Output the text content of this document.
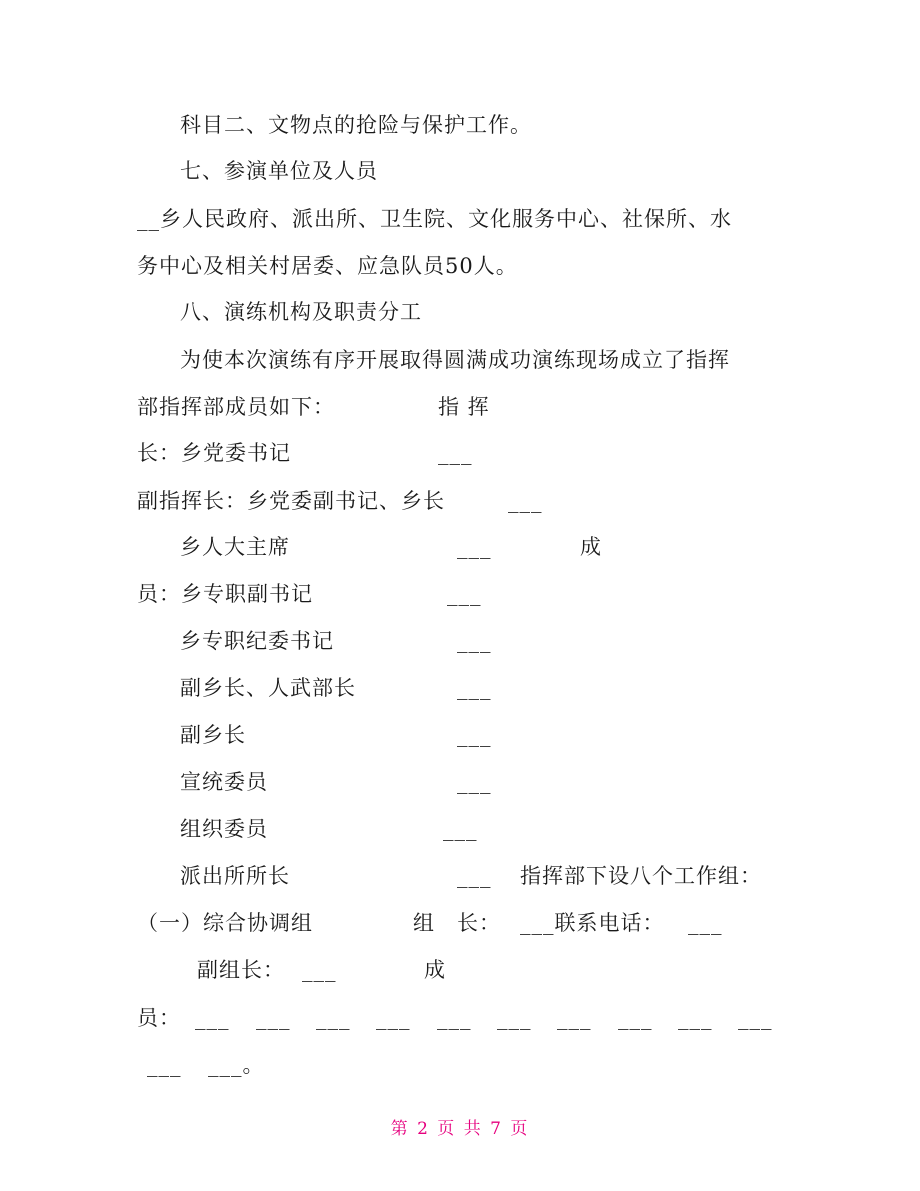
科目二、文物点的抢险与保护工作。
七、参演单位及人员
__乡人民政府、派出所、卫生院、文化服务中心、社保所、水
务中心及相关村居委、应急队员50人。
八、演练机构及职责分工
为使本次演练有序开展取得圆满成功演练现场成立了指挥
部指挥部成员如下：	指 挥
长：乡党委书记	___
副指挥长：乡党委副书记、乡长	___
乡人大主席	___	成
员：乡专职副书记	___
乡专职纪委书记	___
副乡长、人武部长	___
副乡长	___
宣统委员	___
组织委员	___
派出所所长	___ 指挥部下设八个工作组：
（一）综合协调组	组　长： ___联系电话： ___
副组长： ___	成
员： ___ ___ ___ ___ ___ ___ ___ ___ ___ ___
___ ___。
第 2 页 共 7 页
